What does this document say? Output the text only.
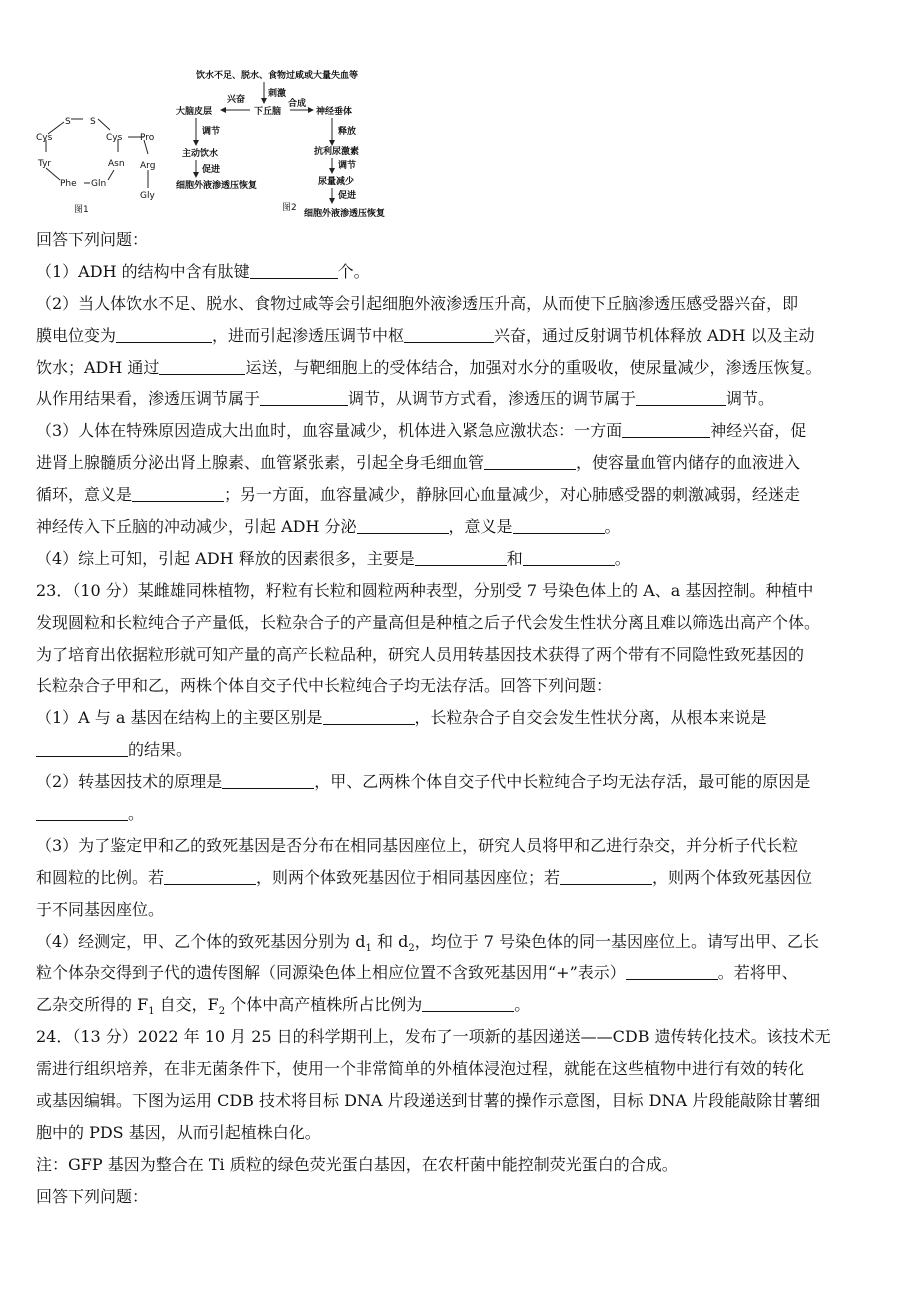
S S
Cys	Cys Pro
Tyr	Asn Arg
Phe Gln
Gly
图1
饮水不足、脱水、食物过咸或大量失血等
刺激
下丘脑
兴奋	合成
大脑皮层	神经垂体
调节
主动饮水
促进
细胞外液渗透压恢复
释放
抗利尿激素
调节
尿量减少
促进
细胞外液渗透压恢复
图2
回答下列问题：
（1）ADH 的结构中含有肽键	个。
（2）当人体饮水不足、脱水、食物过咸等会引起细胞外液渗透压升高，从而使下丘脑渗透压感受器兴奋，即
膜电位变为	，进而引起渗透压调节中枢	兴奋，通过反射调节机体释放 ADH 以及主动
饮水；ADH 通过	运送，与靶细胞上的受体结合，加强对水分的重吸收，使尿量减少，渗透压恢复。
从作用结果看，渗透压调节属于	调节，从调节方式看，渗透压的调节属于	调节。
（3）人体在特殊原因造成大出血时，血容量减少，机体进入紧急应激状态：一方面	神经兴奋，促
进肾上腺髓质分泌出肾上腺素、血管紧张素，引起全身毛细血管	，使容量血管内储存的血液进入
循环，意义是	；另一方面，血容量减少，静脉回心血量减少，对心肺感受器的刺激减弱，经迷走
神经传入下丘脑的冲动减少，引起 ADH 分泌	，意义是	。
（4）综上可知，引起 ADH 释放的因素很多，主要是	和	。
23．（10 分）某雌雄同株植物，籽粒有长粒和圆粒两种表型，分别受 7 号染色体上的 A、a 基因控制。种植中
发现圆粒和长粒纯合子产量低，长粒杂合子的产量高但是种植之后子代会发生性状分离且难以筛选出高产个体。
为了培育出依据粒形就可知产量的高产长粒品种，研究人员用转基因技术获得了两个带有不同隐性致死基因的
长粒杂合子甲和乙，两株个体自交子代中长粒纯合子均无法存活。回答下列问题：
（1）A 与 a 基因在结构上的主要区别是	，长粒杂合子自交会发生性状分离，从根本来说是
的结果。
（2）转基因技术的原理是	，甲、乙两株个体自交子代中长粒纯合子均无法存活，最可能的原因是
。
（3）为了鉴定甲和乙的致死基因是否分布在相同基因座位上，研究人员将甲和乙进行杂交，并分析子代长粒
和圆粒的比例。若	，则两个体致死基因位于相同基因座位；若	，则两个体致死基因位
于不同基因座位。
（4）经测定，甲、乙个体的致死基因分别为 $d_1$ 和 $d_2$，均位于 7 号染色体的同一基因座位上。请写出甲、乙长
粒个体杂交得到子代的遗传图解（同源染色体上相应位置不含致死基因用“+”表示）	。若将甲、
乙杂交所得的 $F_1$ 自交，$F_2$ 个体中高产植株所占比例为	。
24．（13 分）2022 年 10 月 25 日的科学期刊上，发布了一项新的基因递送——CDB 遗传转化技术。该技术无
需进行组织培养，在非无菌条件下，使用一个非常简单的外植体浸泡过程，就能在这些植物中进行有效的转化
或基因编辑。下图为运用 CDB 技术将目标 DNA 片段递送到甘薯的操作示意图，目标 DNA 片段能敲除甘薯细
胞中的 PDS 基因，从而引起植株白化。
注：GFP 基因为整合在 Ti 质粒的绿色荧光蛋白基因，在农杆菌中能控制荧光蛋白的合成。
回答下列问题：
